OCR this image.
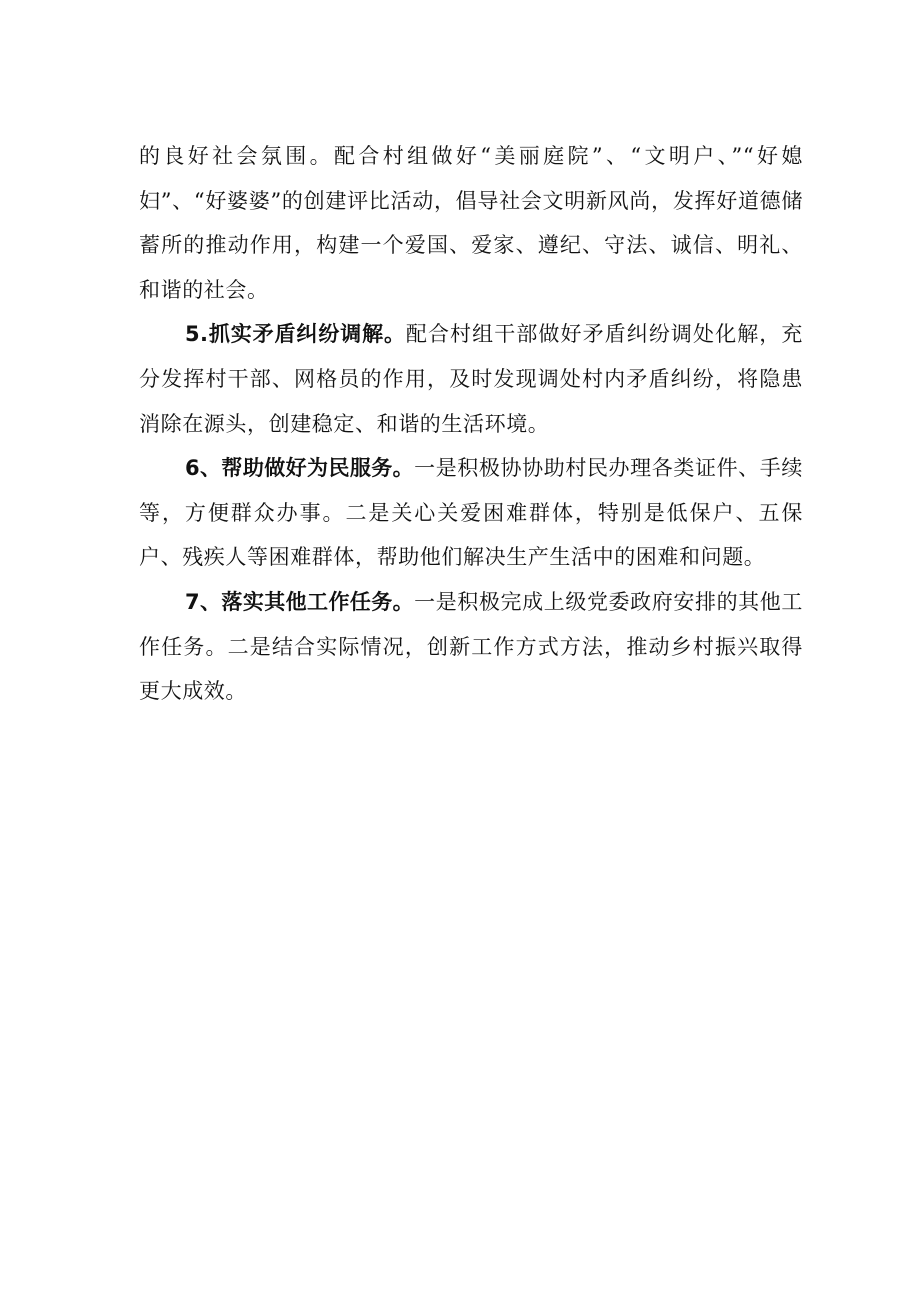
的良好社会氛围。配合村组做好“美丽庭院”、“文明户、”“好媳妇”、“好婆婆”的创建评比活动，倡导社会文明新风尚，发挥好道德储蓄所的推动作用，构建一个爱国、爱家、遵纪、守法、诚信、明礼、和谐的社会。

5.抓实矛盾纠纷调解。配合村组干部做好矛盾纠纷调处化解，充分发挥村干部、网格员的作用，及时发现调处村内矛盾纠纷，将隐患消除在源头，创建稳定、和谐的生活环境。

6、帮助做好为民服务。一是积极协协助村民办理各类证件、手续等，方便群众办事。二是关心关爱困难群体，特别是低保户、五保户、残疾人等困难群体，帮助他们解决生产生活中的困难和问题。

7、落实其他工作任务。一是积极完成上级党委政府安排的其他工作任务。二是结合实际情况，创新工作方式方法，推动乡村振兴取得更大成效。
